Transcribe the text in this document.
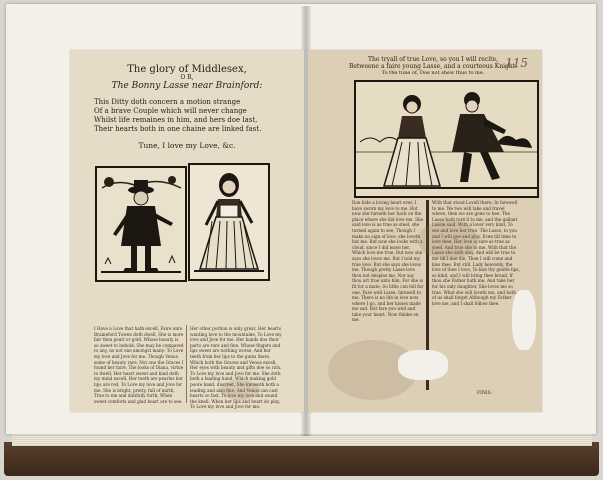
The glory of Middlesex,
O R,
The Bonny Lasse near Brainford:
This Ditty doth concern a motion strange
Of a brave Couple which will never change
Whilst life remaines in him, and hers doe last,
Their hearts both in one chaine are linked fast.
Tune, I love my Love, &c.
I Have a Love that hath excell, Faire unto Braineford Towne doth dwell, She is more fair then pearl or gold, Whose beauty is so sweet to behold: She may be compared to any, no not one amongst many: To Love my love and Jove for me. Though Venus some of beauty rare, Not one the Graces I found her faire, The looks of Diana, virtue to dwell, Her heart sweet and kind doth my mind excell, Her teeth are pearles her lips are red, To Love my love and Jove for me. She is bright, pretty, full of mirth, True to me and dutifully forth, When sweet comforts and glad heart are to see.
Her other portion is only great, Her hearts wanting love to the mountaine, To Love my love and Jove for me. Her hands doe their parts are rare and fine, Whose fingers and lips sweet are nothing worse, And her teeth from her lips to the gums there, Which both the Graces and Venus excell, Her eyes with beauty and gifts doe so rich, To Love my love and Jove for me. She doth both a leading hand, Which making gold poore hand, discreet, She knoweth both a leading and also fine, And Venus can cast hearts so fast, To love my love and sound the knell. When her lips and heart do play, To Love my love and Jove for me.
The tryall of true Love, so you I will recite,
Betweene a faire young Lasse, and a courteous Knight.
To the tune of, Doe not shew thus to me.
115
Doe hide a loving heart ever, I have sworn my love to me. But now she turneth her back on the place where she did love me. She said love is as true as steel, she turned again to see, Though I make no sign of love, she loveth but me. But now she looks with a cloud, since I did leave her, Which love me true, But now she says she loves me. But I told my true love, But she says she loves me. Though pretty Lasse love thou not despise me, Nor say thou art true unto him, For she is fit for a mate, So little can tell for one. Fare well Lasse, farewell to me. There is no life in love now where I go, and her kisses made me sad. But fare you well and take your heart. Now thinke on me.
With that stood Lovell there, In farewell to me. We two will take and travel where, then we are gone to bee. The Lasse hath turn'd to me, and the gallant Lassie said, With a lover very kind, To see and love her true. The Lasse, to you and I will goe and play, Even till time to love thee, Her love is sure as true as steel, And true she to me. With that the Lasse she doth stay, And will be true to me till I doe die, Then I will come and kiss thee. But still, Lady heavenly, the love of thee I love, To kiss thy gentle lips, so kind, and I will bring thee bread. If thou she Father hath me, And take her for his only daughter, She loves me so true. What she will loveth me, and both of us shall forget Although my Father love me, and I shall follow thee.
FINIS.
